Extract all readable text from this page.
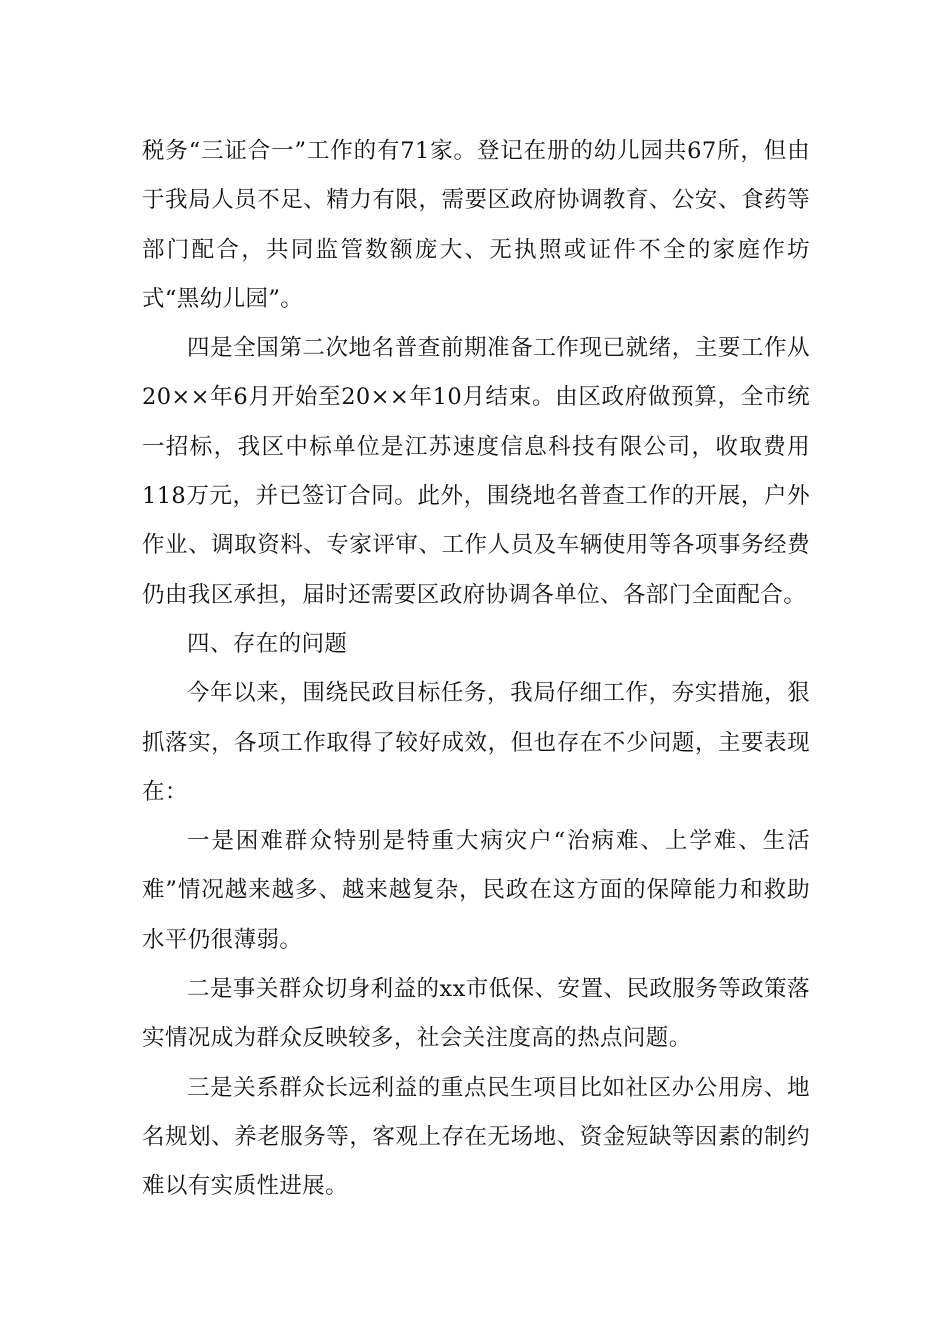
税务“三证合一”工作的有71家。登记在册的幼儿园共67所，但由于我局人员不足、精力有限，需要区政府协调教育、公安、食药等部门配合，共同监管数额庞大、无执照或证件不全的家庭作坊式“黑幼儿园”。

四是全国第二次地名普查前期准备工作现已就绪，主要工作从20××年6月开始至20××年10月结束。由区政府做预算，全市统一招标，我区中标单位是江苏速度信息科技有限公司，收取费用118万元，并已签订合同。此外，围绕地名普查工作的开展，户外作业、调取资料、专家评审、工作人员及车辆使用等各项事务经费仍由我区承担，届时还需要区政府协调各单位、各部门全面配合。

四、存在的问题

今年以来，围绕民政目标任务，我局仔细工作，夯实措施，狠抓落实，各项工作取得了较好成效，但也存在不少问题，主要表现在：

一是困难群众特别是特重大病灾户“治病难、上学难、生活难”情况越来越多、越来越复杂，民政在这方面的保障能力和救助水平仍很薄弱。

二是事关群众切身利益的xx市低保、安置、民政服务等政策落实情况成为群众反映较多，社会关注度高的热点问题。

三是关系群众长远利益的重点民生项目比如社区办公用房、地名规划、养老服务等，客观上存在无场地、资金短缺等因素的制约难以有实质性进展。
